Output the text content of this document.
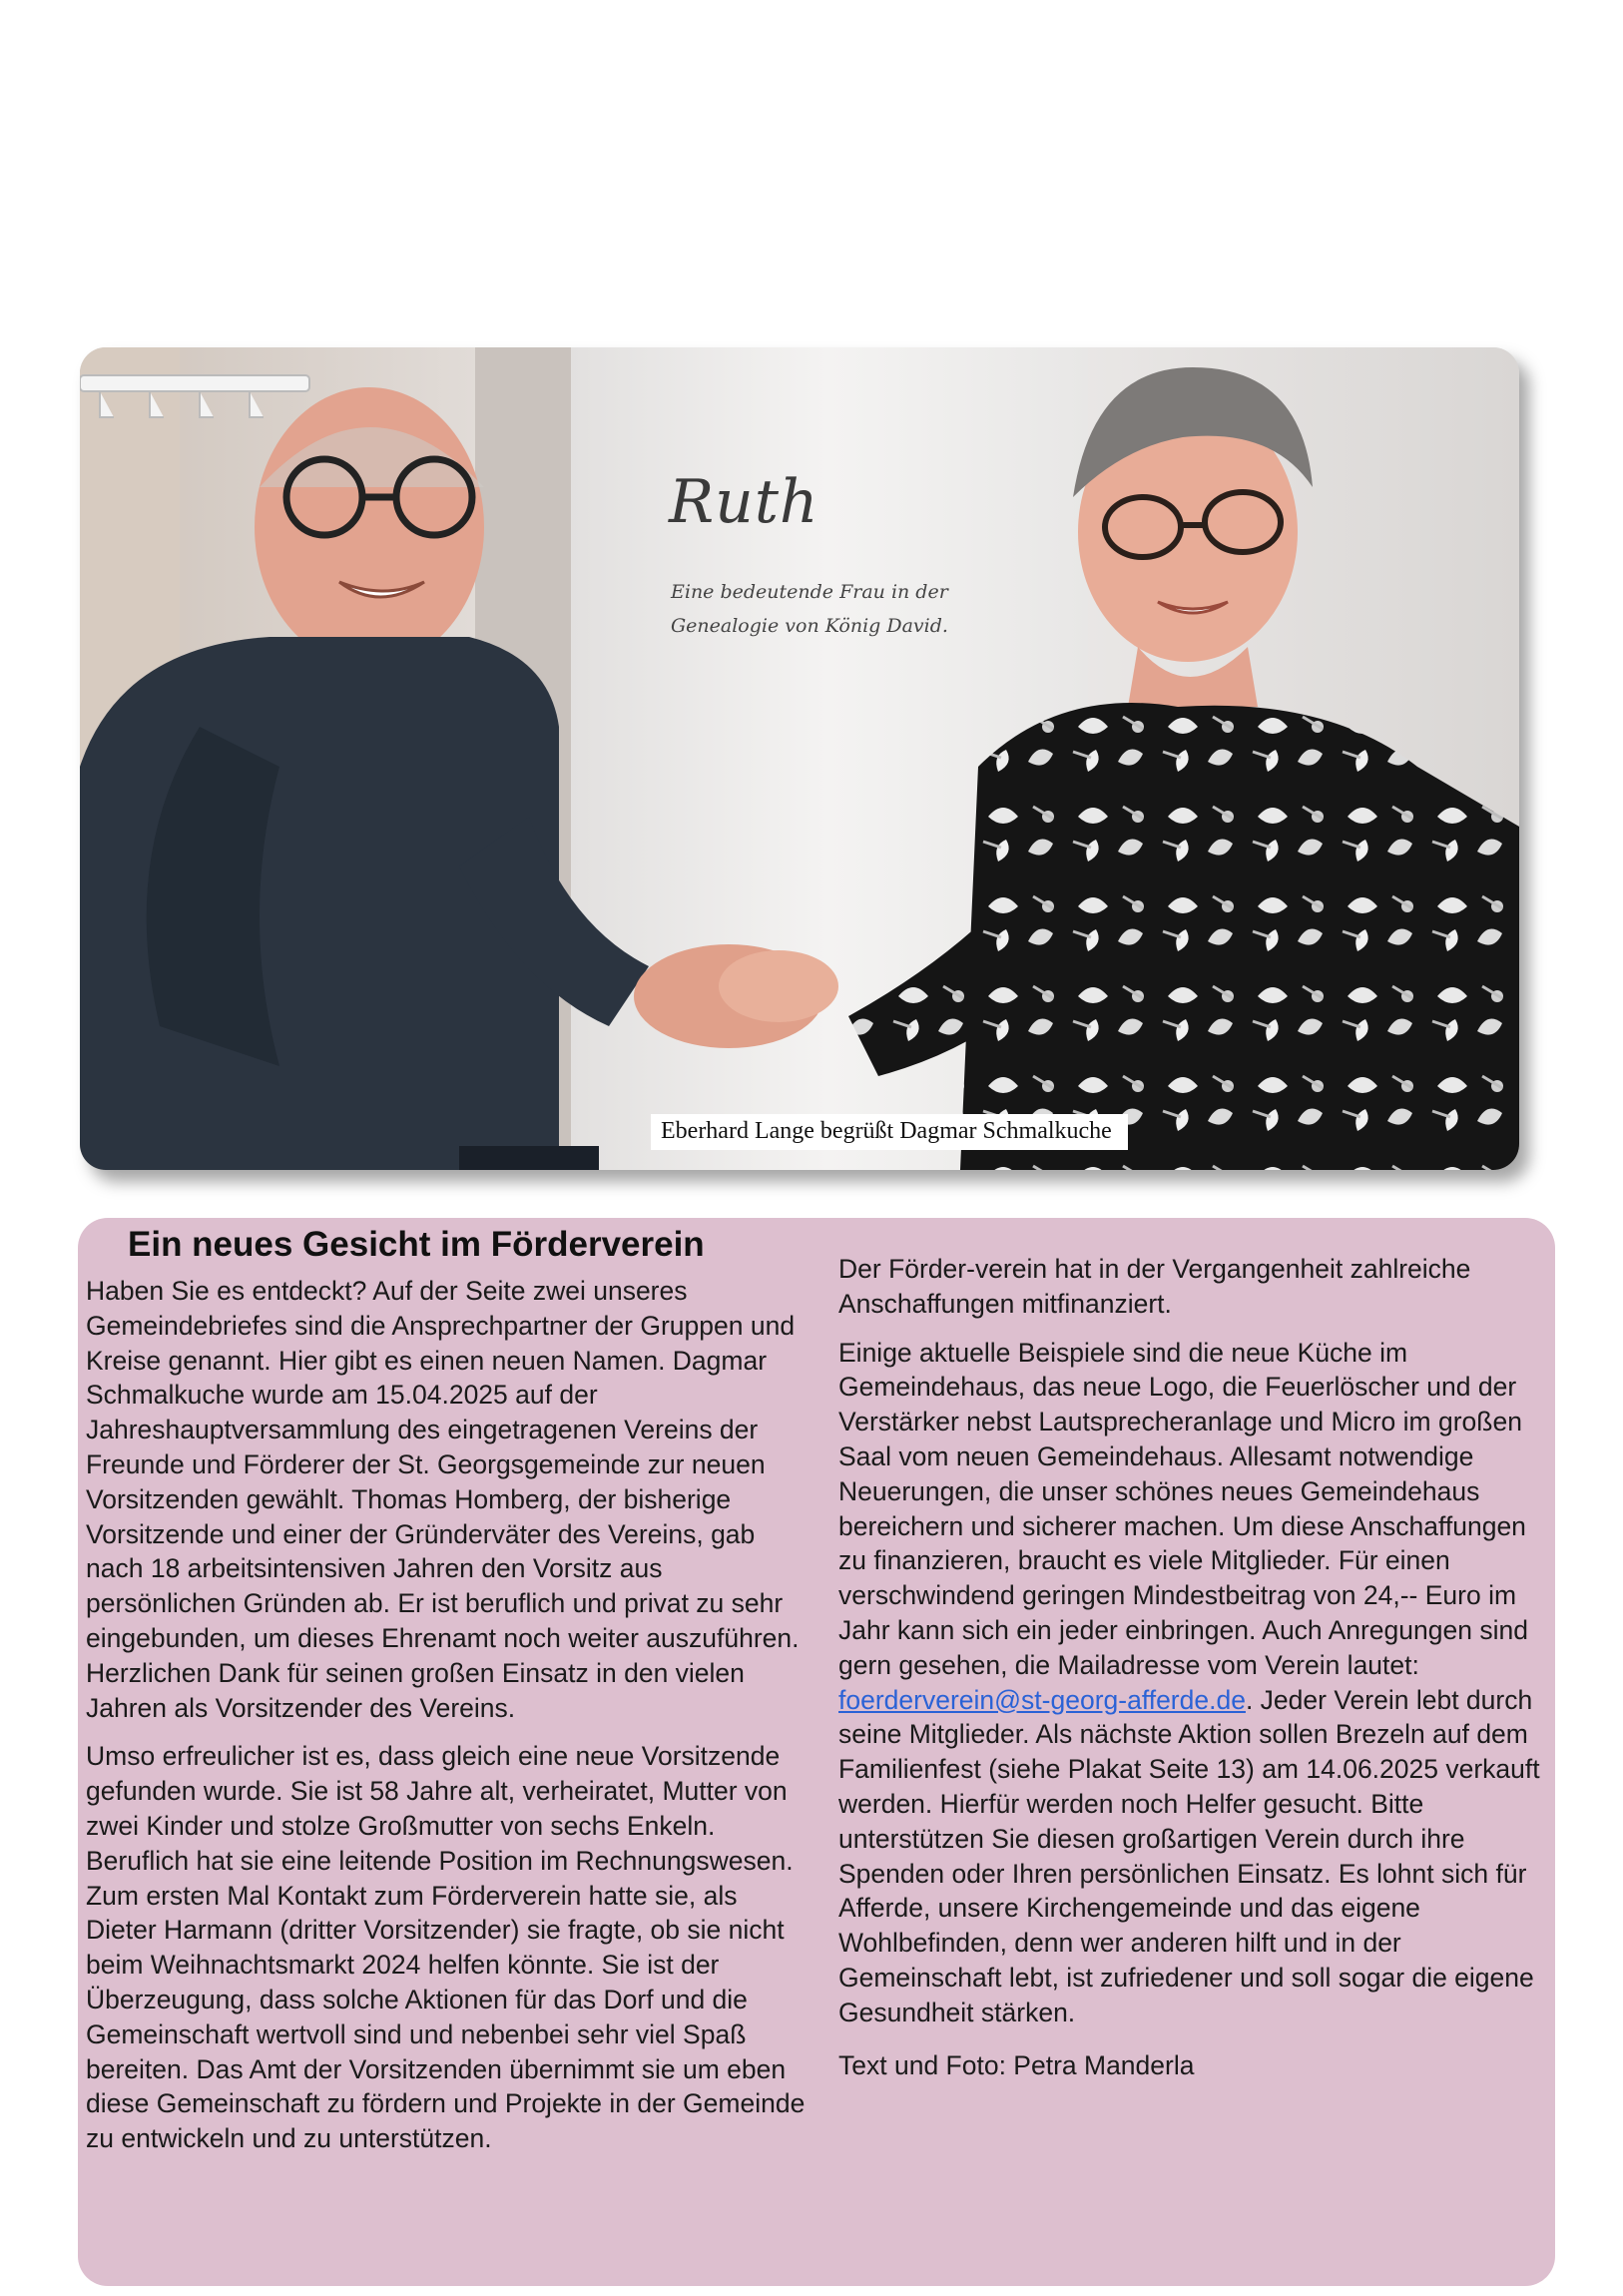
Ruth
Eine bedeutende Frau in der Genealogie von König David.
Eberhard Lange begrüßt Dagmar Schmalkuche
Ein neues Gesicht im Förderverein
Haben Sie es entdeckt? Auf der Seite zwei unseres Gemeindebriefes sind die Ansprechpartner der Gruppen und Kreise genannt. Hier gibt es einen neuen Namen. Dagmar Schmalkuche wurde am 15.04.2025 auf der Jahreshauptversammlung des eingetragenen Vereins der Freunde und Förderer der St. Georgsgemeinde zur neuen Vorsitzenden gewählt. Thomas Homberg, der bisherige Vorsitzende und einer der Gründerväter des Vereins, gab nach 18 arbeitsintensiven Jahren den Vorsitz aus persönlichen Gründen ab. Er ist beruflich und privat zu sehr eingebunden, um dieses Ehrenamt noch weiter auszuführen. Herzlichen Dank für seinen großen Einsatz in den vielen Jahren als Vorsitzender des Vereins.
Umso erfreulicher ist es, dass gleich eine neue Vorsitzende gefunden wurde. Sie ist 58 Jahre alt, verheiratet, Mutter von zwei Kinder und stolze Großmutter von sechs Enkeln. Beruflich hat sie eine leitende Position im Rechnungswesen. Zum ersten Mal Kontakt zum Förderverein hatte sie, als Dieter Harmann (dritter Vorsitzender) sie fragte, ob sie nicht beim Weihnachtsmarkt 2024 helfen könnte. Sie ist der Überzeugung, dass solche Aktionen für das Dorf und die Gemeinschaft wertvoll sind und nebenbei sehr viel Spaß bereiten. Das Amt der Vorsitzenden übernimmt sie um eben diese Gemeinschaft zu fördern und Projekte in der Gemeinde zu entwickeln und zu unterstützen.
Der Förder-verein hat in der Vergangenheit zahlreiche Anschaffungen mitfinanziert.
Einige aktuelle Beispiele sind die neue Küche im Gemeindehaus, das neue Logo, die Feuerlöscher und der Verstärker nebst Lautsprecheranlage und Micro im großen Saal vom neuen Gemeindehaus. Allesamt notwendige Neuerungen, die unser schönes neues Gemeindehaus bereichern und sicherer machen. Um diese Anschaffungen zu finanzieren, braucht es viele Mitglieder. Für einen verschwindend geringen Mindestbeitrag von 24,-- Euro im Jahr kann sich ein jeder einbringen. Auch Anregungen sind gern gesehen, die Mailadresse vom Verein lautet: foerderverein@st-georg-afferde.de. Jeder Verein lebt durch seine Mitglieder. Als nächste Aktion sollen Brezeln auf dem Familienfest (siehe Plakat Seite 13) am 14.06.2025 verkauft werden. Hierfür werden noch Helfer gesucht. Bitte unterstützen Sie diesen großartigen Verein durch ihre Spenden oder Ihren persönlichen Einsatz. Es lohnt sich für Afferde, unsere Kirchengemeinde und das eigene Wohlbefinden, denn wer anderen hilft und in der Gemeinschaft lebt, ist zufriedener und soll sogar die eigene Gesundheit stärken.
Text und Foto: Petra Manderla
